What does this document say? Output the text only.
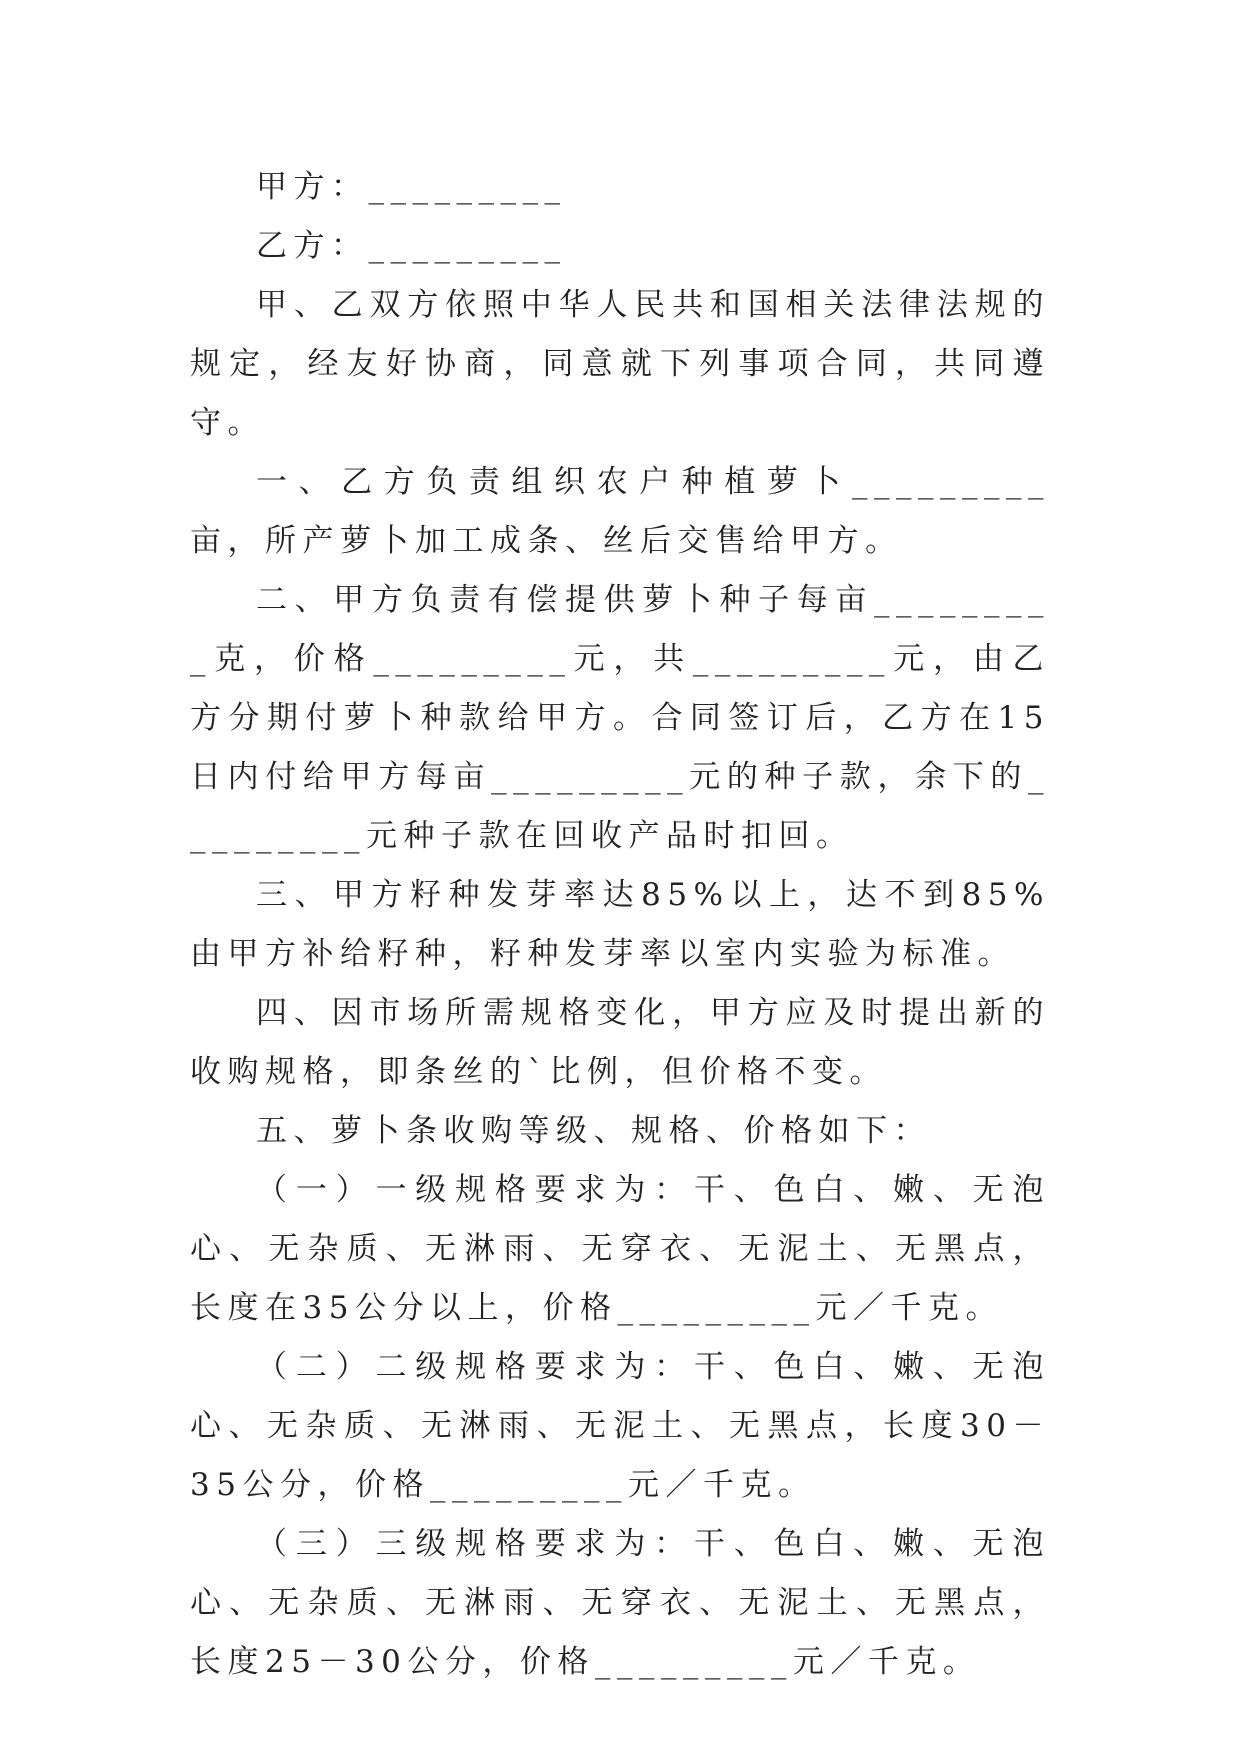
甲方：_________

乙方：_________

甲、乙双方依照中华人民共和国相关法律法规的规定，经友好协商，同意就下列事项合同，共同遵守。

一、乙方负责组织农户种植萝卜_________亩，所产萝卜加工成条、丝后交售给甲方。

二、甲方负责有偿提供萝卜种子每亩_________克，价格_________元，共_________元，由乙方分期付萝卜种款给甲方。合同签订后，乙方在15日内付给甲方每亩_________元的种子款，余下的_________元种子款在回收产品时扣回。

三、甲方籽种发芽率达85%以上，达不到85%由甲方补给籽种，籽种发芽率以室内实验为标准。

四、因市场所需规格变化，甲方应及时提出新的收购规格，即条丝的`比例，但价格不变。

五、萝卜条收购等级、规格、价格如下：

（一）一级规格要求为：干、色白、嫩、无泡心、无杂质、无淋雨、无穿衣、无泥土、无黑点，长度在35公分以上，价格_________元／千克。

（二）二级规格要求为：干、色白、嫩、无泡心、无杂质、无淋雨、无泥土、无黑点，长度30－35公分，价格_________元／千克。

（三）三级规格要求为：干、色白、嫩、无泡心、无杂质、无淋雨、无穿衣、无泥土、无黑点，长度25－30公分，价格_________元／千克。
